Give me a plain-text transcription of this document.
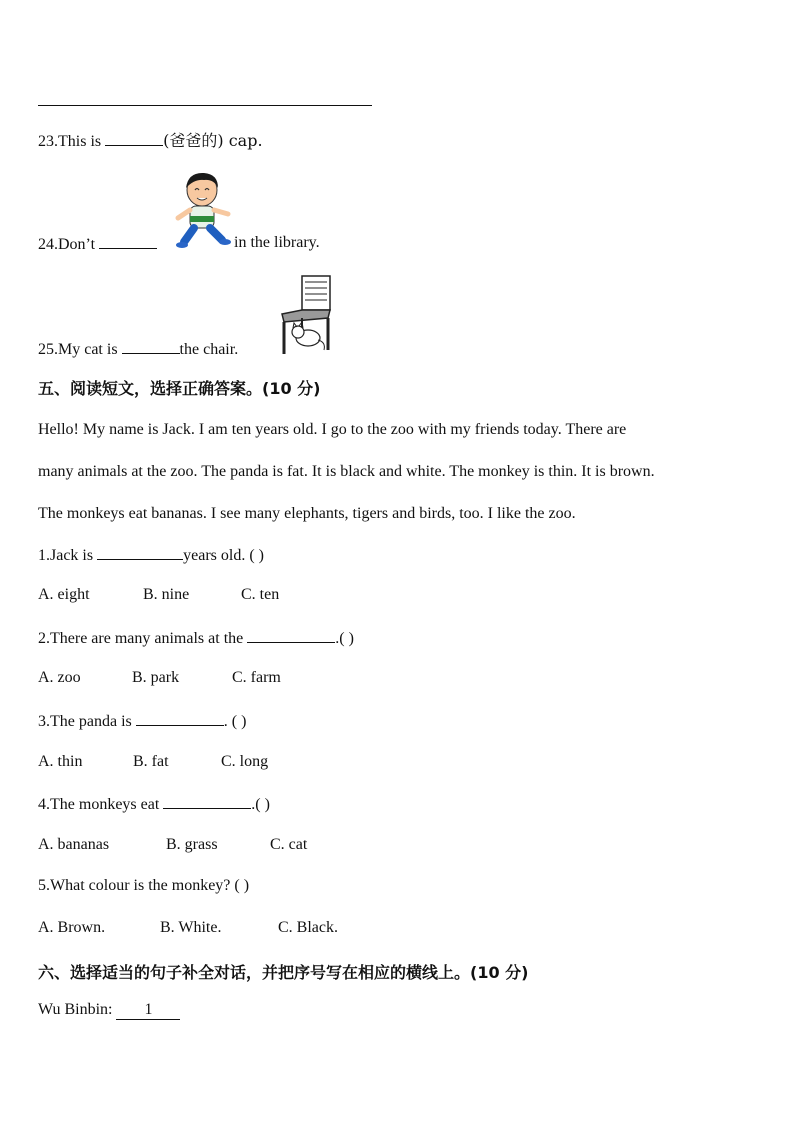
23.This is	(爸爸的) cap.
24.Don’t	in the library.
25.My cat is	the chair.
五、阅读短文，选择正确答案。(10 分)
Hello! My name is Jack. I am ten years old. I go to the zoo with my friends today. There are
many animals at the zoo. The panda is fat. It is black and white. The monkey is thin. It is brown.
The monkeys eat bananas. I see many elephants, tigers and birds, too. I like the zoo.
1.Jack is	years old. ( )
A. eight	B. nine	C. ten
2.There are many animals at the	.( )
A. zoo	B. park	C. farm
3.The panda is	. ( )
A. thin	B. fat	C. long
4.The monkeys eat	.( )
A. bananas	B. grass	C. cat
5.What colour is the monkey? ( )
A. Brown.	B. White.	C. Black.
六、选择适当的句子补全对话，并把序号写在相应的横线上。(10 分)
Wu Binbin: 1
